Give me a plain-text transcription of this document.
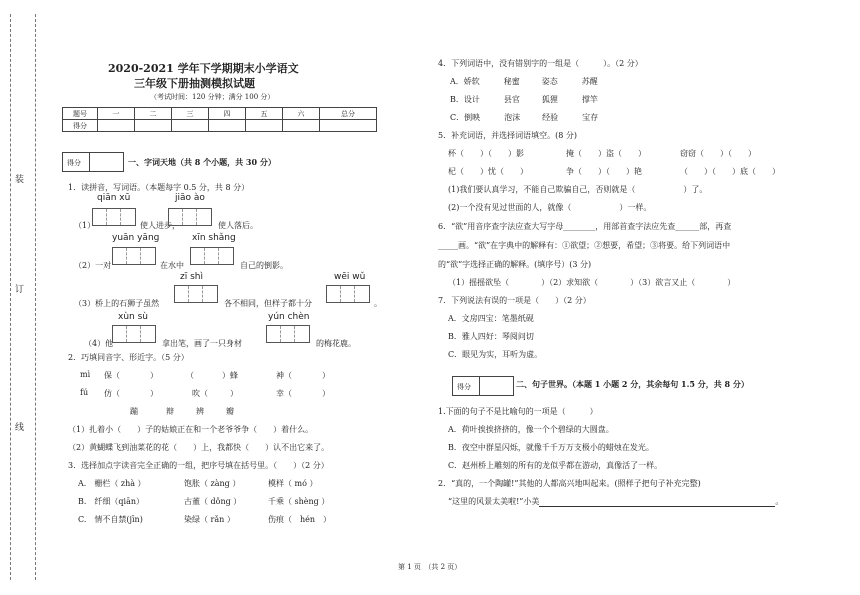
装
订
线
2020-2021 学年下学期期末小学语文
三年级下册抽测模拟试题
（考试时间：120 分钟；满分 100 分）
题号	一	二	三	四	五	六	总分
得分							
得分	一、字词天地（共 8 个小题，共 30 分）
1．读拼音，写词语。（本题每字 0.5 分，共 8 分）
qiān xū	jiāo ào
（1）	使人进步，	使人落后。
yuān yāng	xīn shǎng
（2）一对	在水中	自己的倒影。
zī shì	wēi wǔ
（3）桥上的石狮子虽然	各不相同，但样子都十分	。
xùn sù	yún chèn
（4）他	拿出笔，画了一只身材	的梅花鹿。
2．巧填同音字、形近字。（5 分）
mì 保（	）	（	）蜂	神（	）
fú 仿（	）	吹（	）	幸（	）
蹦	辩	辨	瓣
（1）扎着小（　　）子的姑娘正在和一个老爷爷争（　　）着什么。
（2）黄蝴蝶飞到油菜花的花（　　）上，我都快（　　）认不出它来了。
3．选择加点字读音完全正确的一组，把序号填在括号里。（　　）（2 分）
A.　栅栏（ zhà ）	饱胀（ zàng ）	模样（ mó ）
B.　纤细（qiān）	古董（ dǒng ）	千乘（ shèng ）
C.　情不自禁(jīn)	染绿（ rǎn ）	伤痕（　hén　）
4．下列词语中，没有错别字的一组是（　　　）。（2 分）
A．娇软	秘蜜	姿态	苏醒
B．设计	县官	狐狸	撑竿
C．倒映	泡沫	经验	宝存
5．补充词语，并选择词语填空。(8 分)
杯（　　）（　　）影	掩（　　）盗（　　）	窃窃（　　）（　　）
杞（　　）忧（　　）	争（　　）（　　）艳	（　　）（　　）底（　　）
(1)我们要认真学习，不能自己欺骗自己，否则就是（　　　　　　）了。
(2)一个没有见过世面的人，就像（　　　　　　）一样。
6．“欲”用音序查字法应查大写字母________，用部首查字法应先查______部，再查
_____画。“欲”在字典中的解释有：①欲望；②想要，希望；③将要。给下列词语中
的“欲”字选择正确的解释。(填序号）(3 分)
（1）摇摇欲坠（　　　　）（2）求知欲（　　　　）（3）欲言又止（　　　　）
7．下列说法有误的一项是（　　）（2 分）
A．文房四宝：笔墨纸砚
B．雅人四好：琴阅问切
C．眼见为实，耳听为虚。
得分	二、句子世界。（本题 1 小题 2 分，其余每句 1.5 分，共 8 分）
1.下面的句子不是比喻句的一项是（　　　）
A．荷叶挨挨挤挤的，像一个个碧绿的大圆盘。
B．夜空中群星闪烁，就像千千万万支极小的蜡烛在发光。
C．赵州桥上雕刻的所有的龙似乎都在游动，真像活了一样。
2．“真的，一个陶罐!”其他的人都高兴地叫起来。(照样子把句子补充完整)
“这里的风景太美啦!”小美	。
第 1 页　（共 2 页）
